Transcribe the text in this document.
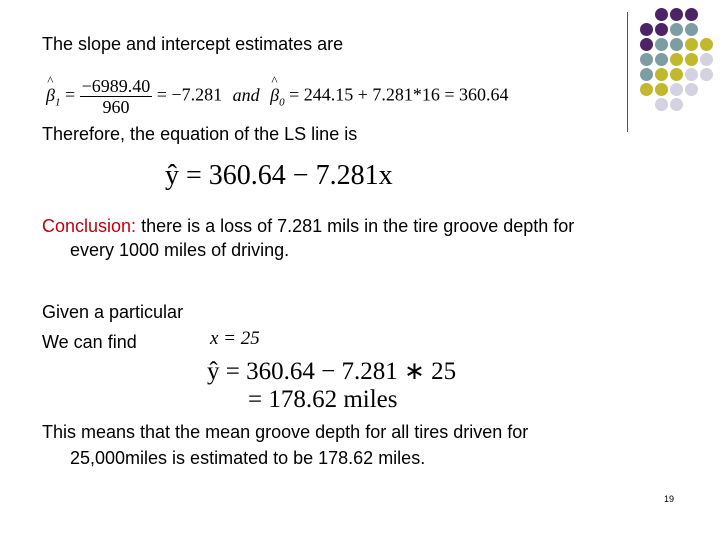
The slope and intercept estimates are
^ $\beta_1 = \frac{-6989.40}{960} = -7.281$ and ^ $\beta_0 = 244.15 + 7.281*16 = 360.64$
Therefore, the equation of the LS line is
ŷ = 360.64 − 7.281x
Conclusion: there is a loss of 7.281 mils in the tire groove depth for
every 1000 miles of driving.
Given a particular
We can find	x = 25
ŷ = 360.64 − 7.281 ∗ 25
= 178.62 miles
This means that the mean groove depth for all tires driven for
25,000miles is estimated to be 178.62 miles.
19
